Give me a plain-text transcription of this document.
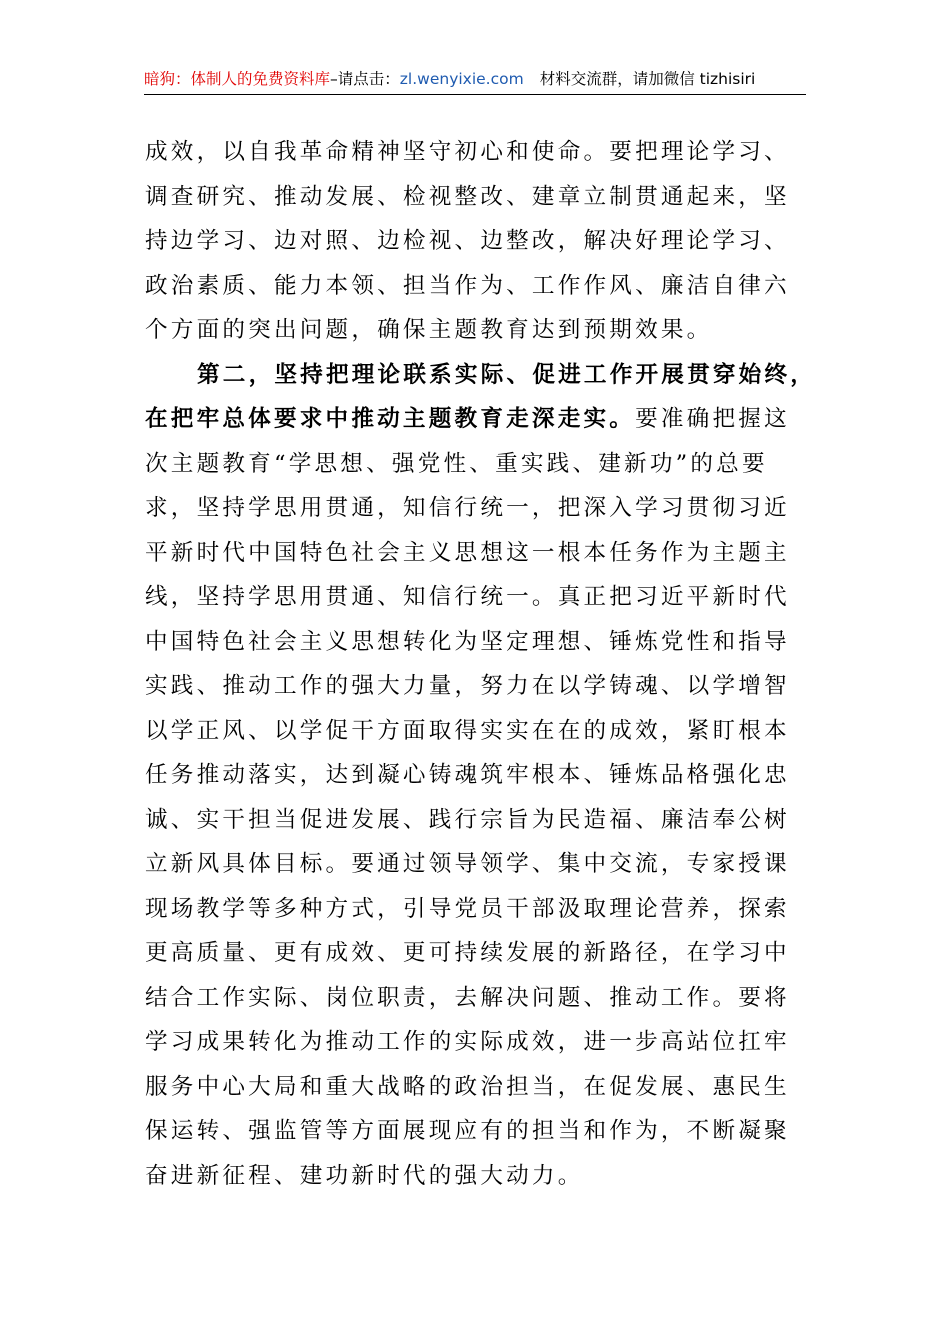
暗狗：体制人的免费资料库–请点击：zl.wenyixie.com 材料交流群，请加微信 tizhisiri
成效，以自我革命精神坚守初心和使命。要把理论学习、
调查研究、推动发展、检视整改、建章立制贯通起来，坚
持边学习、边对照、边检视、边整改，解决好理论学习、
政治素质、能力本领、担当作为、工作作风、廉洁自律六
个方面的突出问题，确保主题教育达到预期效果。
第二，坚持把理论联系实际、促进工作开展贯穿始终，
在把牢总体要求中推动主题教育走深走实。要准确把握这
次主题教育“学思想、强党性、重实践、建新功”的总要
求，坚持学思用贯通，知信行统一，把深入学习贯彻习近
平新时代中国特色社会主义思想这一根本任务作为主题主
线，坚持学思用贯通、知信行统一。真正把习近平新时代
中国特色社会主义思想转化为坚定理想、锤炼党性和指导
实践、推动工作的强大力量，努力在以学铸魂、以学增智
以学正风、以学促干方面取得实实在在的成效，紧盯根本
任务推动落实，达到凝心铸魂筑牢根本、锤炼品格强化忠
诚、实干担当促进发展、践行宗旨为民造福、廉洁奉公树
立新风具体目标。要通过领导领学、集中交流，专家授课
现场教学等多种方式，引导党员干部汲取理论营养，探索
更高质量、更有成效、更可持续发展的新路径，在学习中
结合工作实际、岗位职责，去解决问题、推动工作。要将
学习成果转化为推动工作的实际成效，进一步高站位扛牢
服务中心大局和重大战略的政治担当，在促发展、惠民生
保运转、强监管等方面展现应有的担当和作为，不断凝聚
奋进新征程、建功新时代的强大动力。
